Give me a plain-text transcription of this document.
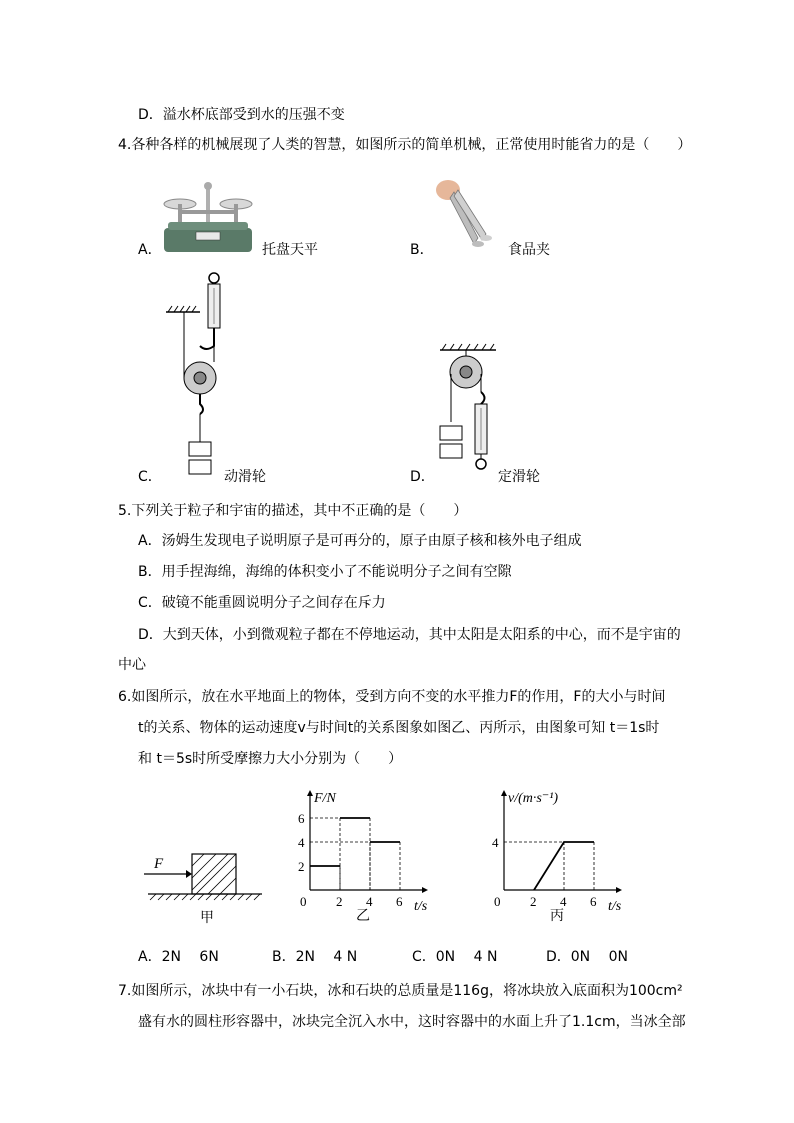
D．溢水杯底部受到水的压强不变
4.各种各样的机械展现了人类的智慧，如图所示的简单机械，正常使用时能省力的是（　　）
A．	托盘天平	B．	食品夹
C．	动滑轮	D．	定滑轮
5.下列关于粒子和宇宙的描述，其中不正确的是（　　）
A．汤姆生发现电子说明原子是可再分的，原子由原子核和核外电子组成
B．用手捏海绵，海绵的体积变小了不能说明分子之间有空隙
C．破镜不能重圆说明分子之间存在斥力
D．大到天体，小到微观粒子都在不停地运动，其中太阳是太阳系的中心，而不是宇宙的
中心
6.如图所示，放在水平地面上的物体，受到方向不变的水平推力F的作用，F的大小与时间
t的关系、物体的运动速度v与时间t的关系图象如图乙、丙所示，由图象可知 t＝1s时
和 t＝5s时所受摩擦力大小分别为（　　）
F
甲
F/N
t/s
0 2 4 6
2
4
6
乙
v/(m·s⁻¹)
t/s
0 2 4 6
4
丙
A．2N　 6N	B．2N　 4 N	C．0N　 4 N	D．0N　 0N
7.如图所示，冰块中有一小石块，冰和石块的总质量是116g，将冰块放入底面积为100cm²
盛有水的圆柱形容器中，冰块完全沉入水中，这时容器中的水面上升了1.1cm，当冰全部
